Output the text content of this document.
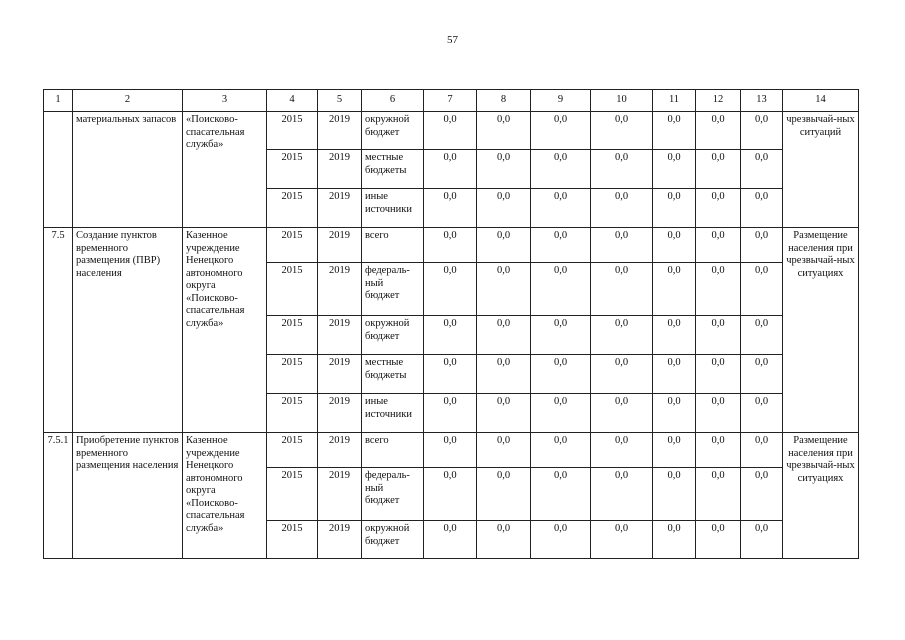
57
1	2	3	4	5	6	7	8	9	10	11	12	13	14
	материальных запасов	«Поисково-спасательная служба»	2015	2019	окружной бюджет	0,0	0,0	0,0	0,0	0,0	0,0	0,0	чрезвычай-ных ситуаций
			2015	2019	местные бюджеты	0,0	0,0	0,0	0,0	0,0	0,0	0,0	
			2015	2019	иные источники	0,0	0,0	0,0	0,0	0,0	0,0	0,0	
7.5	Создание пунктов временного размещения (ПВР) населения	Казенное учреждение Ненецкого автономного округа «Поисково-спасательная служба»	2015	2019	всего	0,0	0,0	0,0	0,0	0,0	0,0	0,0	Размещение населения при чрезвычай-ных ситуациях
			2015	2019	федераль-ный бюджет	0,0	0,0	0,0	0,0	0,0	0,0	0,0	
			2015	2019	окружной бюджет	0,0	0,0	0,0	0,0	0,0	0,0	0,0	
			2015	2019	местные бюджеты	0,0	0,0	0,0	0,0	0,0	0,0	0,0	
			2015	2019	иные источники	0,0	0,0	0,0	0,0	0,0	0,0	0,0	
7.5.1	Приобретение пунктов временного размещения населения	Казенное учреждение Ненецкого автономного округа «Поисково-спасательная служба»	2015	2019	всего	0,0	0,0	0,0	0,0	0,0	0,0	0,0	Размещение населения при чрезвычай-ных ситуациях
			2015	2019	федераль-ный бюджет	0,0	0,0	0,0	0,0	0,0	0,0	0,0	
			2015	2019	окружной бюджет	0,0	0,0	0,0	0,0	0,0	0,0	0,0	
